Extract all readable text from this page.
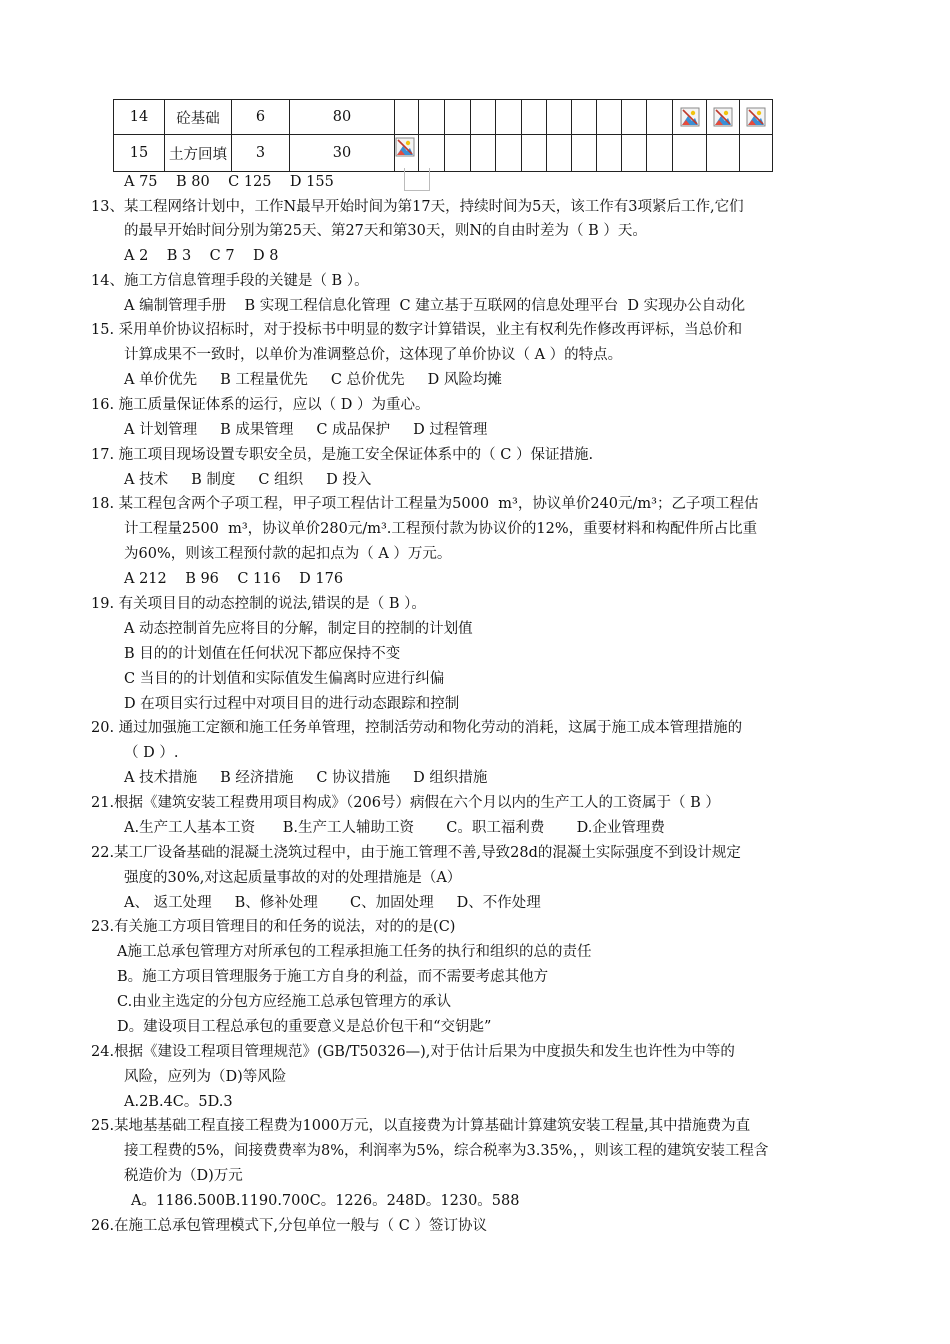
14	砼基础	6	80														
15	土方回填	3	30														
A 75    B 80    C 125    D 155
13、某工程网络计划中，工作N最早开始时间为第17天，持续时间为5天，该工作有3项紧后工作,它们
的最早开始时间分别为第25天、第27天和第30天，则N的自由时差为（ B ）天。
A 2    B 3    C 7    D 8
14、施工方信息管理手段的关键是（ B ）。
A 编制管理手册    B 实现工程信息化管理  C 建立基于互联网的信息处理平台  D 实现办公自动化
15. 采用单价协议招标时，对于投标书中明显的数字计算错误，业主有权利先作修改再评标，当总价和
计算成果不一致时，以单价为准调整总价，这体现了单价协议（ A ）的特点。
A 单价优先     B 工程量优先     C 总价优先     D 风险均摊
16. 施工质量保证体系的运行，应以（ D ）为重心。
A 计划管理     B 成果管理     C 成品保护     D 过程管理
17. 施工项目现场设置专职安全员，是施工安全保证体系中的（ C ）保证措施.
A 技术     B 制度     C 组织     D 投入
18. 某工程包含两个子项工程，甲子项工程估计工程量为5000  m³，协议单价240元/m³；乙子项工程估
计工程量2500  m³，协议单价280元/m³.工程预付款为协议价的12%，重要材料和构配件所占比重
为60%，则该工程预付款的起扣点为（ A ）万元。
A 212    B 96    C 116    D 176
19. 有关项目目的动态控制的说法,错误的是（ B ）。
A 动态控制首先应将目的分解，制定目的控制的计划值
B 目的的计划值在任何状况下都应保持不变
C 当目的的计划值和实际值发生偏离时应进行纠偏
D 在项目实行过程中对项目目的进行动态跟踪和控制
20. 通过加强施工定额和施工任务单管理，控制活劳动和物化劳动的消耗，这属于施工成本管理措施的
（ D ）.
A 技术措施     B 经济措施     C 协议措施     D 组织措施
21.根据《建筑安装工程费用项目构成》（206号）病假在六个月以内的生产工人的工资属于（ B ）
A.生产工人基本工资      B.生产工人辅助工资       C。职工福利费       D.企业管理费
22.某工厂设备基础的混凝土浇筑过程中，由于施工管理不善,导致28d的混凝土实际强度不到设计规定
强度的30%,对这起质量事故的对的处理措施是（A）
A、 返工处理     B、修补处理       C、加固处理     D、不作处理
23.有关施工方项目管理目的和任务的说法，对的的是(C)
A施工总承包管理方对所承包的工程承担施工任务的执行和组织的总的责任
B。施工方项目管理服务于施工方自身的利益，而不需要考虑其他方
C.由业主选定的分包方应经施工总承包管理方的承认
D。建设项目工程总承包的重要意义是总价包干和“交钥匙”
24.根据《建设工程项目管理规范》(GB/T50326—),对于估计后果为中度损失和发生也许性为中等的
风险，应列为（D)等风险
A.2B.4C。5D.3
25.某地基基础工程直接工程费为1000万元，以直接费为计算基础计算建筑安装工程量,其中措施费为直
接工程费的5%，间接费费率为8%，利润率为5%，综合税率为3.35%，，则该工程的建筑安装工程含
税造价为（D)万元
A。1186.500B.1190.700C。1226。248D。1230。588
26.在施工总承包管理模式下,分包单位一般与（ C ）签订协议
